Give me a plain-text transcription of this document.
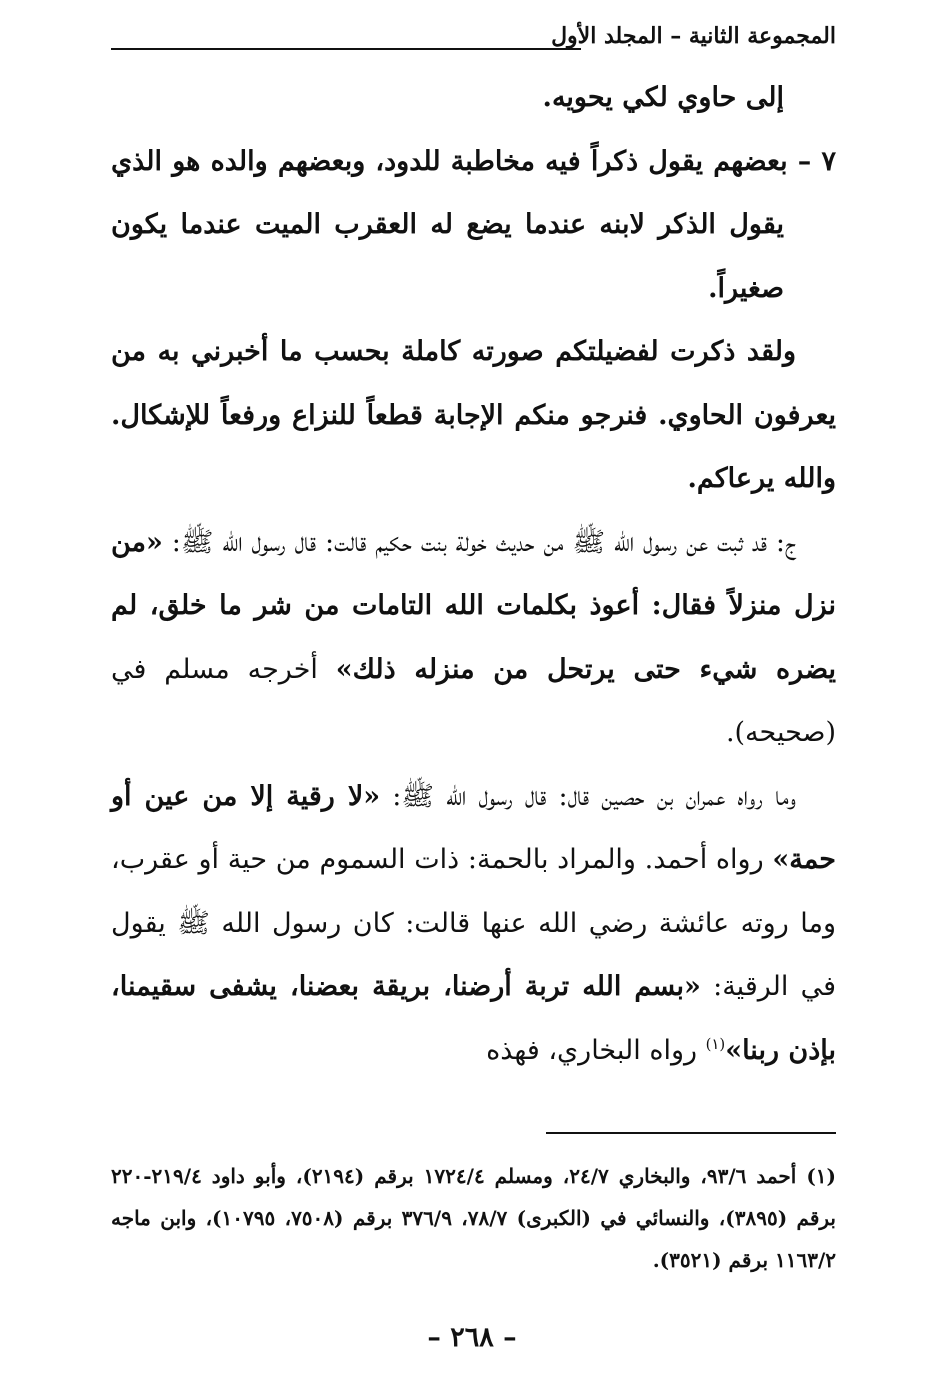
المجموعة الثانية – المجلد الأول

إلى حاوي لكي يحويه.

٧ – بعضهم يقول ذكراً فيه مخاطبة للدود، وبعضهم والده هو الذي يقول الذكر لابنه عندما يضع له العقرب الميت عندما يكون صغيراً.

ولقد ذكرت لفضيلتكم صورته كاملة بحسب ما أخبرني به من يعرفون الحاوي. فنرجو منكم الإجابة قطعاً للنزاع ورفعاً للإشكال. والله يرعاكم.

ج: قد ثبت عن رسول الله ﷺ من حديث خولة بنت حكيم قالت: قال رسول الله ﷺ: «من نزل منزلاً فقال: أعوذ بكلمات الله التامات من شر ما خلق، لم يضره شيء حتى يرتحل من منزله ذلك» أخرجه مسلم في (صحيحه).

وما رواه عمران بن حصين قال: قال رسول الله ﷺ: «لا رقية إلا من عين أو حمة» رواه أحمد. والمراد بالحمة: ذات السموم من حية أو عقرب، وما روته عائشة رضي الله عنها قالت: كان رسول الله ﷺ يقول في الرقية: «بسم الله تربة أرضنا، بريقة بعضنا، يشفى سقيمنا، بإذن ربنا»$^{(١)}$ رواه البخاري، فهذه

(١) أحمد ٩٣/٦، والبخاري ٢٤/٧، ومسلم ١٧٢٤/٤ برقم (٢١٩٤)، وأبو داود ٢١٩/٤-٢٢٠ برقم (٣٨٩٥)، والنسائي في (الكبرى) ٧٨/٧، ٣٧٦/٩ برقم (٧٥٠٨، ١٠٧٩٥)، وابن ماجه ١١٦٣/٢ برقم (٣٥٢١).

– ٢٦٨ –
